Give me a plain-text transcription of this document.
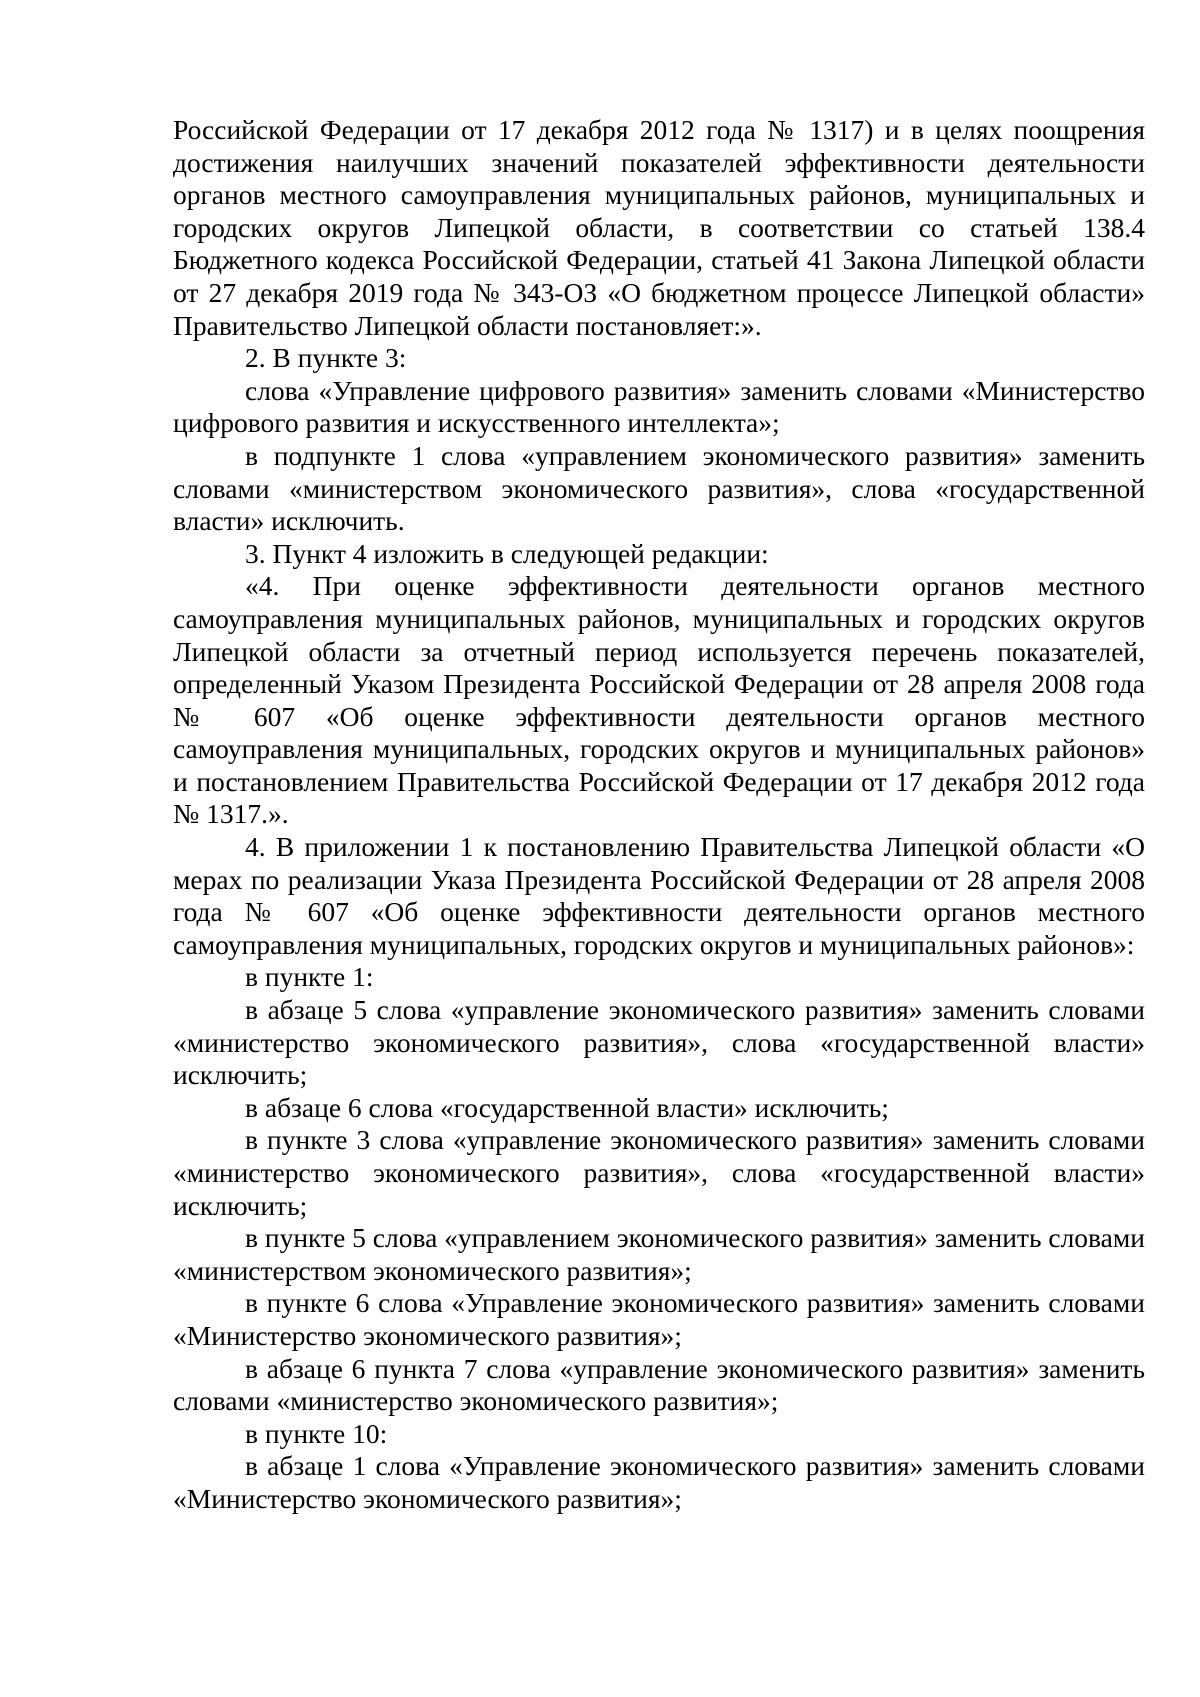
Российской Федерации от 17 декабря 2012 года № 1317) и в целях поощрения достижения наилучших значений показателей эффективности деятельности органов местного самоуправления муниципальных районов, муниципальных и городских округов Липецкой области, в соответствии со статьей 138.4 Бюджетного кодекса Российской Федерации, статьей 41 Закона Липецкой области от 27 декабря 2019 года № 343-ОЗ «О бюджетном процессе Липецкой области» Правительство Липецкой области постановляет:».

2. В пункте 3:

слова «Управление цифрового развития» заменить словами «Министерство цифрового развития и искусственного интеллекта»;

в подпункте 1 слова «управлением экономического развития» заменить словами «министерством экономического развития», слова «государственной власти» исключить.

3. Пункт 4 изложить в следующей редакции:

«4. При оценке эффективности деятельности органов местного самоуправления муниципальных районов, муниципальных и городских округов Липецкой области за отчетный период используется перечень показателей, определенный Указом Президента Российской Федерации от 28 апреля 2008 года № 607 «Об оценке эффективности деятельности органов местного самоуправления муниципальных, городских округов и муниципальных районов» и постановлением Правительства Российской Федерации от 17 декабря 2012 года № 1317.».

4. В приложении 1 к постановлению Правительства Липецкой области «О мерах по реализации Указа Президента Российской Федерации от 28 апреля 2008 года № 607 «Об оценке эффективности деятельности органов местного самоуправления муниципальных, городских округов и муниципальных районов»:

в пункте 1:

в абзаце 5 слова «управление экономического развития» заменить словами «министерство экономического развития», слова «государственной власти» исключить;

в абзаце 6 слова «государственной власти» исключить;

в пункте 3 слова «управление экономического развития» заменить словами «министерство экономического развития», слова «государственной власти» исключить;

в пункте 5 слова «управлением экономического развития» заменить словами «министерством экономического развития»;

в пункте 6 слова «Управление экономического развития» заменить словами «Министерство экономического развития»;

в абзаце 6 пункта 7 слова «управление экономического развития» заменить словами «министерство экономического развития»;

в пункте 10:

в абзаце 1 слова «Управление экономического развития» заменить словами «Министерство экономического развития»;
